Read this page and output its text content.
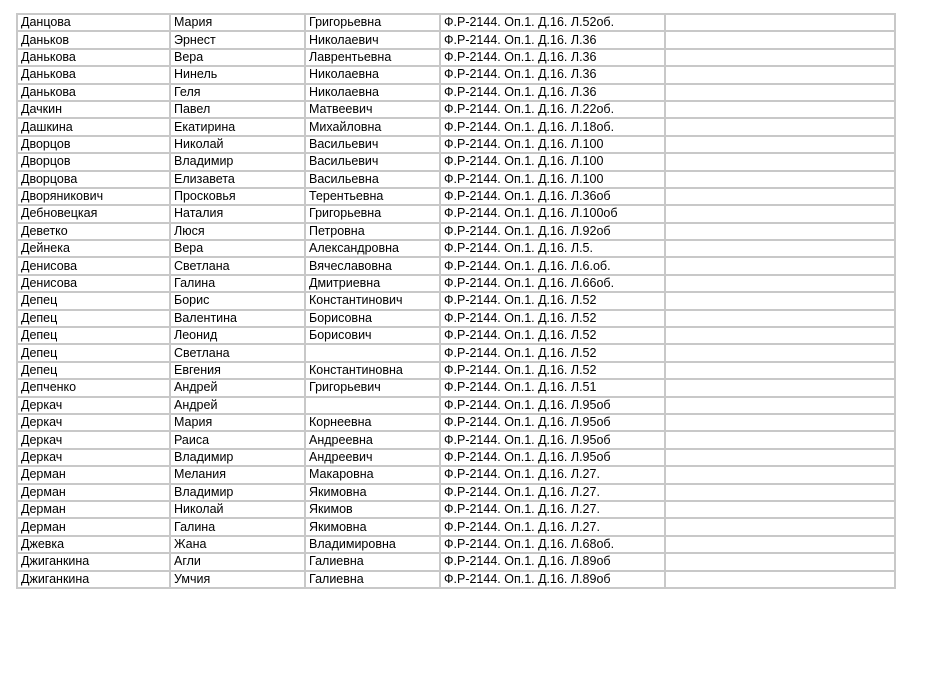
Данцова	Мария	Григорьевна	Ф.Р-2144. Оп.1. Д.16. Л.52об.	
Даньков	Эрнест	Николаевич	Ф.Р-2144. Оп.1. Д.16. Л.36	
Данькова	Вера	Лаврентьевна	Ф.Р-2144. Оп.1. Д.16. Л.36	
Данькова	Нинель	Николаевна	Ф.Р-2144. Оп.1. Д.16. Л.36	
Данькова	Геля	Николаевна	Ф.Р-2144. Оп.1. Д.16. Л.36	
Дачкин	Павел	Матвеевич	Ф.Р-2144. Оп.1. Д.16. Л.22об.	
Дашкина	Екатирина	Михайловна	Ф.Р-2144. Оп.1. Д.16. Л.18об.	
Дворцов	Николай	Васильевич	Ф.Р-2144. Оп.1. Д.16. Л.100	
Дворцов	Владимир	Васильевич	Ф.Р-2144. Оп.1. Д.16. Л.100	
Дворцова	Елизавета	Васильевна	Ф.Р-2144. Оп.1. Д.16. Л.100	
Дворяникович	Просковья	Терентьевна	Ф.Р-2144. Оп.1. Д.16. Л.36об	
Дебновецкая	Наталия	Григорьевна	Ф.Р-2144. Оп.1. Д.16. Л.100об	
Деветко	Люся	Петровна	Ф.Р-2144. Оп.1. Д.16. Л.92об	
Дейнека	Вера	Александровна	Ф.Р-2144. Оп.1. Д.16. Л.5.	
Денисова	Светлана	Вячеславовна	Ф.Р-2144. Оп.1. Д.16. Л.6.об.	
Денисова	Галина	Дмитриевна	Ф.Р-2144. Оп.1. Д.16. Л.66об.	
Депец	Борис	Константинович	Ф.Р-2144. Оп.1. Д.16. Л.52	
Депец	Валентина	Борисовна	Ф.Р-2144. Оп.1. Д.16. Л.52	
Депец	Леонид	Борисович	Ф.Р-2144. Оп.1. Д.16. Л.52	
Депец	Светлана		Ф.Р-2144. Оп.1. Д.16. Л.52	
Депец	Евгения	Константиновна	Ф.Р-2144. Оп.1. Д.16. Л.52	
Депченко	Андрей	Григорьевич	Ф.Р-2144. Оп.1. Д.16. Л.51	
Деркач	Андрей		Ф.Р-2144. Оп.1. Д.16. Л.95об	
Деркач	Мария	Корнеевна	Ф.Р-2144. Оп.1. Д.16. Л.95об	
Деркач	Раиса	Андреевна	Ф.Р-2144. Оп.1. Д.16. Л.95об	
Деркач	Владимир	Андреевич	Ф.Р-2144. Оп.1. Д.16. Л.95об	
Дерман	Мелания	Макаровна	Ф.Р-2144. Оп.1. Д.16. Л.27.	
Дерман	Владимир	Якимовна	Ф.Р-2144. Оп.1. Д.16. Л.27.	
Дерман	Николай	Якимов	Ф.Р-2144. Оп.1. Д.16. Л.27.	
Дерман	Галина	Якимовна	Ф.Р-2144. Оп.1. Д.16. Л.27.	
Джевка	Жана	Владимировна	Ф.Р-2144. Оп.1. Д.16. Л.68об.	
Джиганкина	Агли	Галиевна	Ф.Р-2144. Оп.1. Д.16. Л.89об	
Джиганкина	Умчия	Галиевна	Ф.Р-2144. Оп.1. Д.16. Л.89об	
